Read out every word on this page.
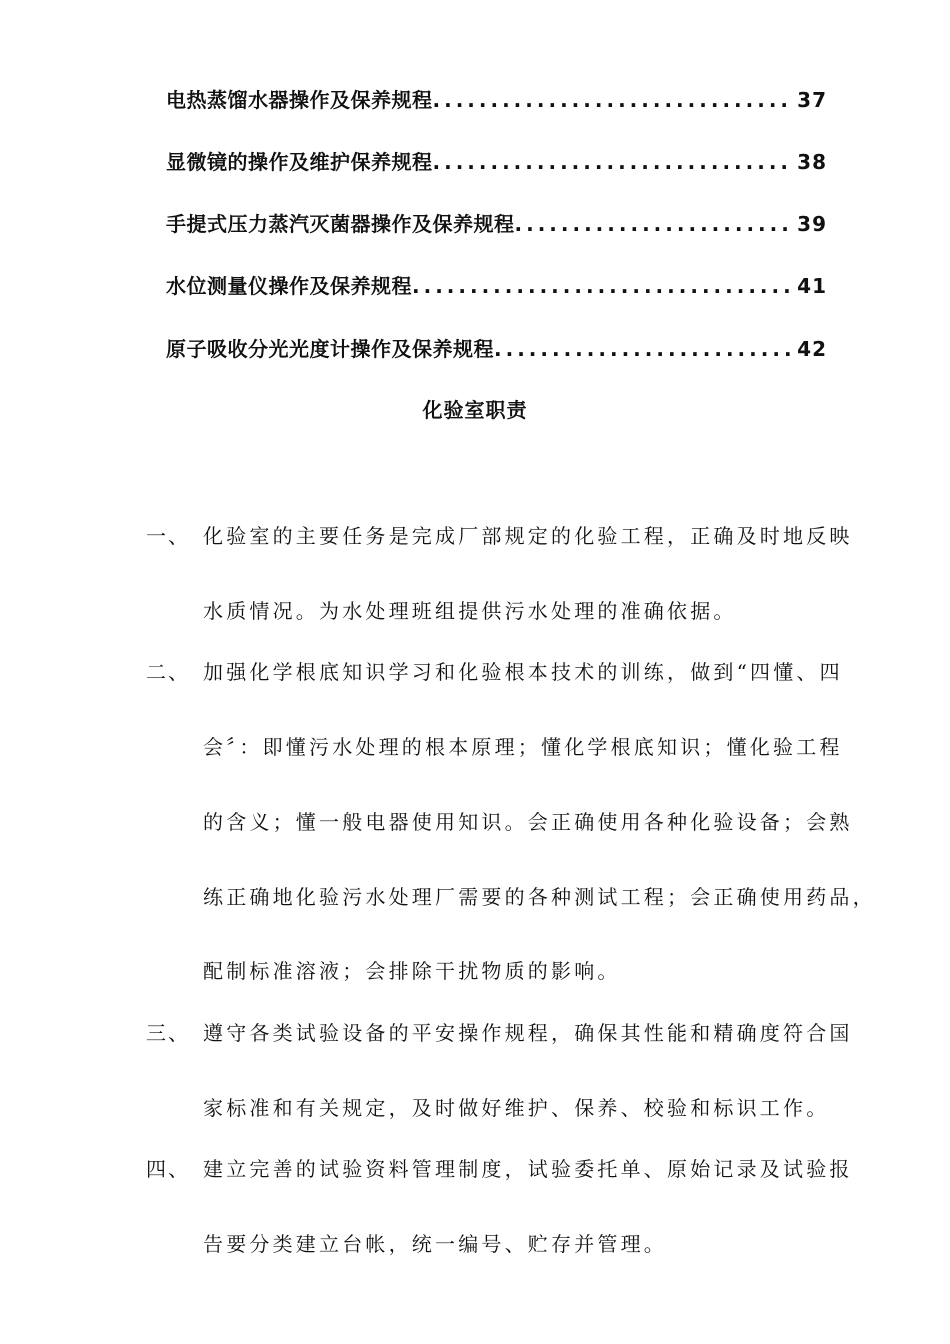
电热蒸馏水器操作及保养规程 .....	37
显微镜的操作及维护保养规程 .....	38
手提式压力蒸汽灭菌器操作及保养规程 .....	39
水位测量仪操作及保养规程 .....	41
原子吸收分光光度计操作及保养规程 .....	42
化验室职责
一、 化验室的主要任务是完成厂部规定的化验工程，正确及时地反映
水质情况。为水处理班组提供污水处理的准确依据。
二、 加强化学根底知识学习和化验根本技术的训练，做到“四懂、四
会〞：即懂污水处理的根本原理；懂化学根底知识；懂化验工程
的含义；懂一般电器使用知识。会正确使用各种化验设备；会熟
练正确地化验污水处理厂需要的各种测试工程；会正确使用药品，
配制标准溶液；会排除干扰物质的影响。
三、 遵守各类试验设备的平安操作规程，确保其性能和精确度符合国
家标准和有关规定，及时做好维护、保养、校验和标识工作。
四、 建立完善的试验资料管理制度，试验委托单、原始记录及试验报
告要分类建立台帐，统一编号、贮存并管理。
